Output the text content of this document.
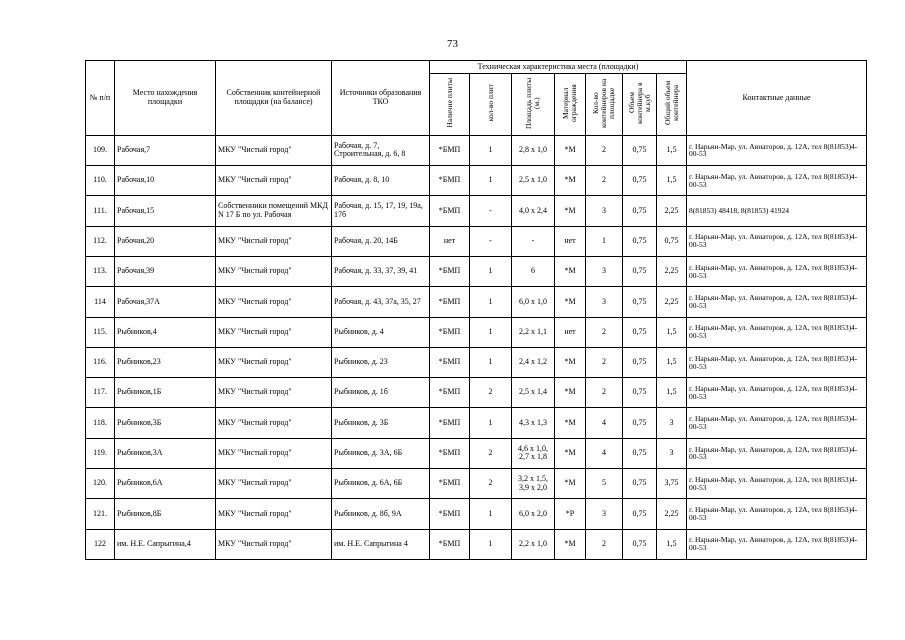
73
№ п/п	Место нахождения площадки	Собственник контейнерной площадки (на балансе)	Источники образования ТКО	Техническая характеристика места (площадки)							Контактные данные
				Наличие плиты	кол-во плит	Площадь плиты (м.)	Материал ограждения	Кол-во контейнеров на площадке	Объем контейнера в м.куб	Общий объем контейнера	
109.	Рабочая,7	МКУ "Чистый город"	Рабочая, д. 7, Строительная, д. 6, 8	*БМП	1	2,8 х 1,0	*М	2	0,75	1,5	г. Нарьян-Мар, ул. Авиаторов, д. 12А, тел 8(81853)4-00-53
110.	Рабочая,10	МКУ "Чистый город"	Рабочая, д. 8, 10	*БМП	1	2,5 х 1,0	*М	2	0,75	1,5	г. Нарьян-Мар, ул. Авиаторов, д. 12А, тел 8(81853)4-00-53
111.	Рабочая,15	Собственники помещений МКД N 17 Б по ул. Рабочая	Рабочая, д. 15, 17, 19, 19а, 17б	*БМП	-	4,0 х 2,4	*М	3	0,75	2,25	8(81853) 48418, 8(81853) 41924
112.	Рабочая,20	МКУ "Чистый город"	Рабочая, д. 20, 14Б	нет	-	-	нет	1	0,75	0,75	г. Нарьян-Мар, ул. Авиаторов, д. 12А, тел 8(81853)4-00-53
113.	Рабочая,39	МКУ "Чистый город"	Рабочая, д. 33, 37, 39, 41	*БМП	1	6	*М	3	0,75	2,25	г. Нарьян-Мар, ул. Авиаторов, д. 12А, тел 8(81853)4-00-53
114	Рабочая,37А	МКУ "Чистый город"	Рабочая, д. 43, 37а, 35, 27	*БМП	1	6,0 х 1,0	*М	3	0,75	2,25	г. Нарьян-Мар, ул. Авиаторов, д. 12А, тел 8(81853)4-00-53
115.	Рыбников,4	МКУ "Чистый город"	Рыбников, д. 4	*БМП	1	2,2 х 1,1	нет	2	0,75	1,5	г. Нарьян-Мар, ул. Авиаторов, д. 12А, тел 8(81853)4-00-53
116.	Рыбников,23	МКУ "Чистый город"	Рыбников, д. 23	*БМП	1	2,4 х 1,2	*М	2	0,75	1,5	г. Нарьян-Мар, ул. Авиаторов, д. 12А, тел 8(81853)4-00-53
117.	Рыбников,1Б	МКУ "Чистый город"	Рыбников, д. 1б	*БМП	2	2,5 х 1,4	*М	2	0,75	1,5	г. Нарьян-Мар, ул. Авиаторов, д. 12А, тел 8(81853)4-00-53
118.	Рыбников,3Б	МКУ "Чистый город"	Рыбников, д. 3Б	*БМП	1	4,3 х 1,3	*М	4	0,75	3	г. Нарьян-Мар, ул. Авиаторов, д. 12А, тел 8(81853)4-00-53
119.	Рыбников,3А	МКУ "Чистый город"	Рыбников, д. 3А, 6Б	*БМП	2	4,6 х 1,0, 2,7 х 1,8	*М	4	0,75	3	г. Нарьян-Мар, ул. Авиаторов, д. 12А, тел 8(81853)4-00-53
120.	Рыбников,6А	МКУ "Чистый город"	Рыбников, д. 6А, 6Б	*БМП	2	3,2 х 1,5, 3,9 х 2,0	*М	5	0,75	3,75	г. Нарьян-Мар, ул. Авиаторов, д. 12А, тел 8(81853)4-00-53
121.	Рыбников,8Б	МКУ "Чистый город"	Рыбников, д. 8б, 9А	*БМП	1	6,0 х 2,0	*Р	3	0,75	2,25	г. Нарьян-Мар, ул. Авиаторов, д. 12А, тел 8(81853)4-00-53
122	им. Н.Е. Сапрыгина,4	МКУ "Чистый город"	им. Н.Е. Сапрыгина 4	*БМП	1	2,2 х 1,0	*М	2	0,75	1,5	г. Нарьян-Мар, ул. Авиаторов, д. 12А, тел 8(81853)4-00-53
